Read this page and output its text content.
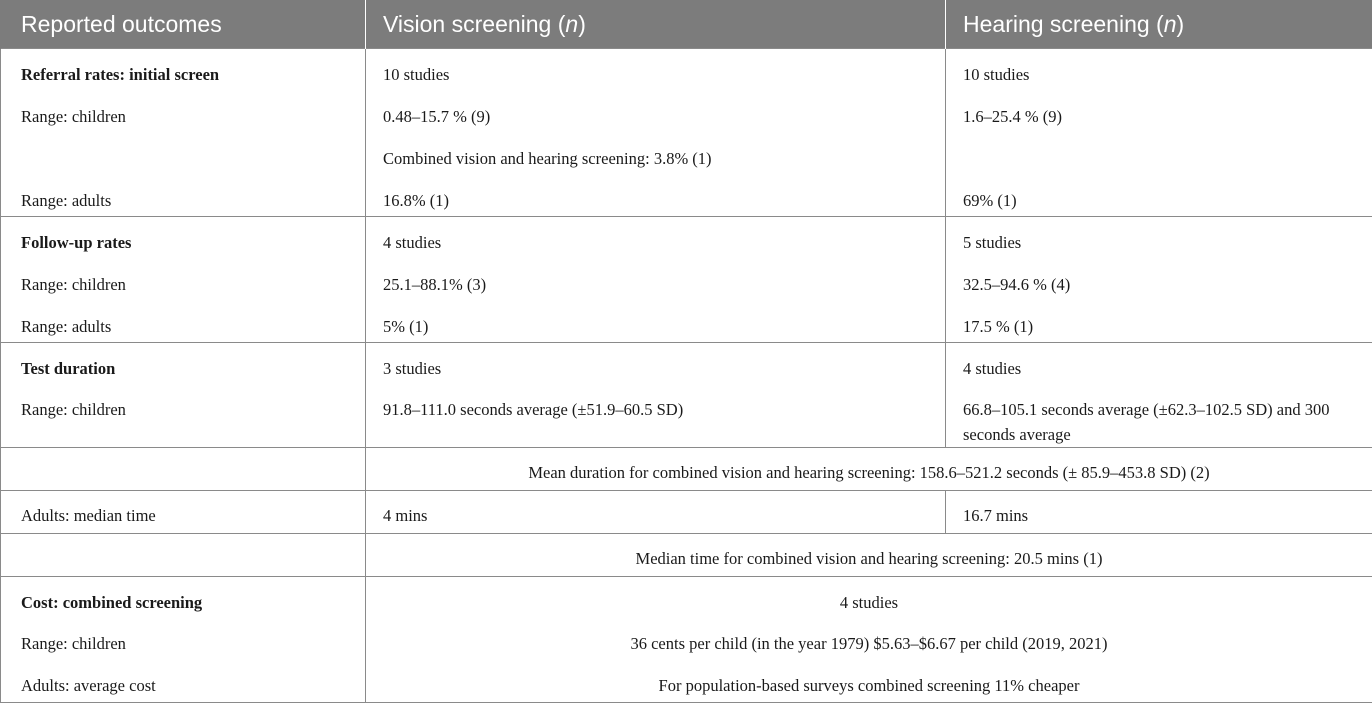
Reported outcomes	Vision screening (n)	Hearing screening (n)
Referral rates: initial screen	10 studies	10 studies
Range: children	0.48–15.7 % (9)	1.6–25.4 % (9)
	Combined vision and hearing screening: 3.8% (1)	
Range: adults	16.8% (1)	69% (1)
Follow-up rates	4 studies	5 studies
Range: children	25.1–88.1% (3)	32.5–94.6 % (4)
Range: adults	5% (1)	17.5 % (1)
Test duration	3 studies	4 studies
Range: children	91.8–111.0 seconds average (±51.9–60.5 SD)	66.8–105.1 seconds average (±62.3–102.5 SD) and 300 seconds average
	Mean duration for combined vision and hearing screening: 158.6–521.2 seconds (± 85.9–453.8 SD) (2)	
Adults: median time	4 mins	16.7 mins
	Median time for combined vision and hearing screening: 20.5 mins (1)	
Cost: combined screening	4 studies	
Range: children	36 cents per child (in the year 1979) $5.63–$6.67 per child (2019, 2021)	
Adults: average cost	For population-based surveys combined screening 11% cheaper	
